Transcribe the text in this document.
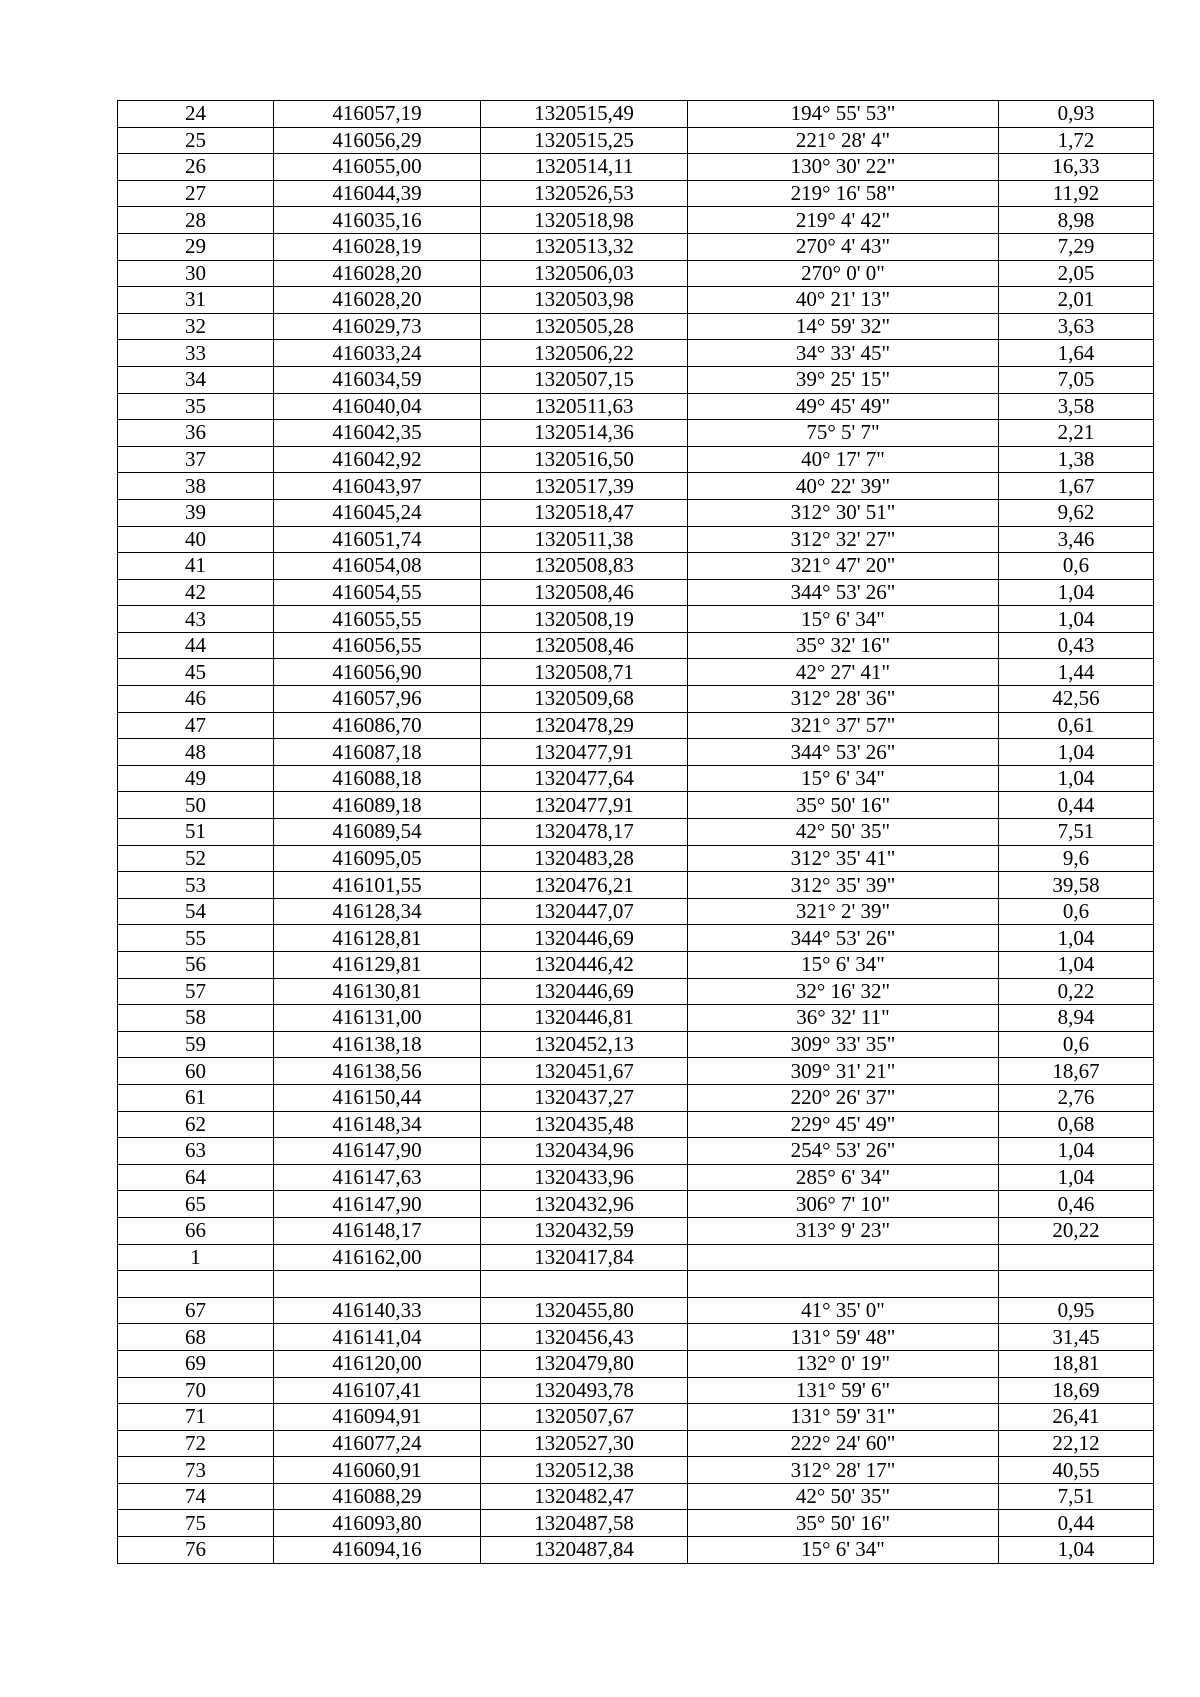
24	416057,19	1320515,49	194° 55' 53"	0,93
25	416056,29	1320515,25	221° 28' 4"	1,72
26	416055,00	1320514,11	130° 30' 22"	16,33
27	416044,39	1320526,53	219° 16' 58"	11,92
28	416035,16	1320518,98	219° 4' 42"	8,98
29	416028,19	1320513,32	270° 4' 43"	7,29
30	416028,20	1320506,03	270° 0' 0"	2,05
31	416028,20	1320503,98	40° 21' 13"	2,01
32	416029,73	1320505,28	14° 59' 32"	3,63
33	416033,24	1320506,22	34° 33' 45"	1,64
34	416034,59	1320507,15	39° 25' 15"	7,05
35	416040,04	1320511,63	49° 45' 49"	3,58
36	416042,35	1320514,36	75° 5' 7"	2,21
37	416042,92	1320516,50	40° 17' 7"	1,38
38	416043,97	1320517,39	40° 22' 39"	1,67
39	416045,24	1320518,47	312° 30' 51"	9,62
40	416051,74	1320511,38	312° 32' 27"	3,46
41	416054,08	1320508,83	321° 47' 20"	0,6
42	416054,55	1320508,46	344° 53' 26"	1,04
43	416055,55	1320508,19	15° 6' 34"	1,04
44	416056,55	1320508,46	35° 32' 16"	0,43
45	416056,90	1320508,71	42° 27' 41"	1,44
46	416057,96	1320509,68	312° 28' 36"	42,56
47	416086,70	1320478,29	321° 37' 57"	0,61
48	416087,18	1320477,91	344° 53' 26"	1,04
49	416088,18	1320477,64	15° 6' 34"	1,04
50	416089,18	1320477,91	35° 50' 16"	0,44
51	416089,54	1320478,17	42° 50' 35"	7,51
52	416095,05	1320483,28	312° 35' 41"	9,6
53	416101,55	1320476,21	312° 35' 39"	39,58
54	416128,34	1320447,07	321° 2' 39"	0,6
55	416128,81	1320446,69	344° 53' 26"	1,04
56	416129,81	1320446,42	15° 6' 34"	1,04
57	416130,81	1320446,69	32° 16' 32"	0,22
58	416131,00	1320446,81	36° 32' 11"	8,94
59	416138,18	1320452,13	309° 33' 35"	0,6
60	416138,56	1320451,67	309° 31' 21"	18,67
61	416150,44	1320437,27	220° 26' 37"	2,76
62	416148,34	1320435,48	229° 45' 49"	0,68
63	416147,90	1320434,96	254° 53' 26"	1,04
64	416147,63	1320433,96	285° 6' 34"	1,04
65	416147,90	1320432,96	306° 7' 10"	0,46
66	416148,17	1320432,59	313° 9' 23"	20,22
1	416162,00	1320417,84		

67	416140,33	1320455,80	41° 35' 0"	0,95
68	416141,04	1320456,43	131° 59' 48"	31,45
69	416120,00	1320479,80	132° 0' 19"	18,81
70	416107,41	1320493,78	131° 59' 6"	18,69
71	416094,91	1320507,67	131° 59' 31"	26,41
72	416077,24	1320527,30	222° 24' 60"	22,12
73	416060,91	1320512,38	312° 28' 17"	40,55
74	416088,29	1320482,47	42° 50' 35"	7,51
75	416093,80	1320487,58	35° 50' 16"	0,44
76	416094,16	1320487,84	15° 6' 34"	1,04
